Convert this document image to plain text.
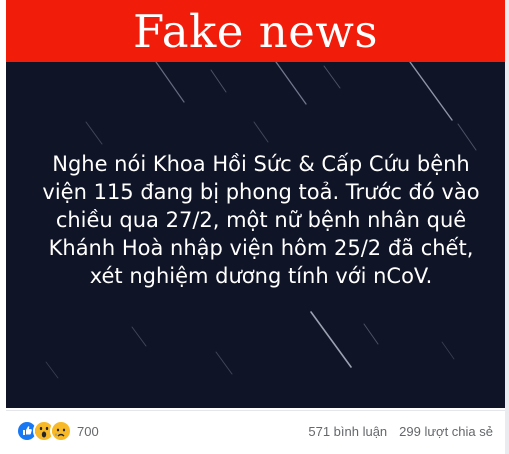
Fake news
Nghe nói Khoa Hồi Sức & Cấp Cứu bệnh viện 115 đang bị phong toả. Trước đó vào chiều qua 27/2, một nữ bệnh nhân quê Khánh Hoà nhập viện hôm 25/2 đã chết, xét nghiệm dương tính với nCoV.
700	571 bình luận 299 lượt chia sẻ
